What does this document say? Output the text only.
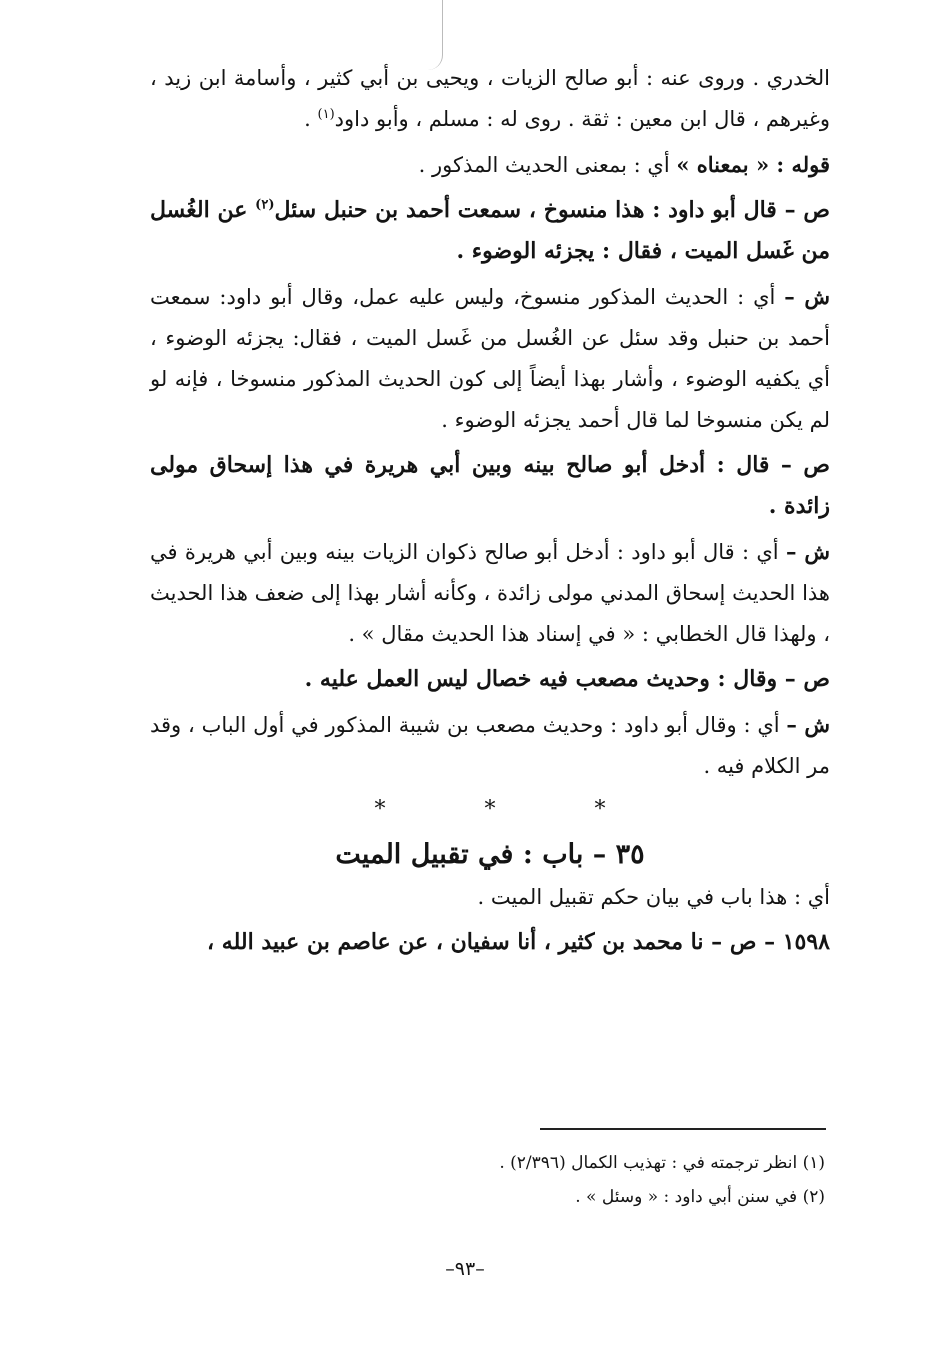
الخدري . وروى عنه : أبو صالح الزيات ، ويحيى بن أبي كثير ، وأسامة ابن زيد ، وغيرهم ، قال ابن معين : ثقة . روى له : مسلم ، وأبو داود$^{(١)}$ .

قوله : « بمعناه » أي : بمعنى الحديث المذكور .

ص – قال أبو داود : هذا منسوخ ، سمعت أحمد بن حنبل سئل$^{(٢)}$ عن الغُسل من غَسل الميت ، فقال : يجزئه الوضوء .

ش – أي : الحديث المذكور منسوخ، وليس عليه عمل، وقال أبو داود: سمعت أحمد بن حنبل وقد سئل عن الغُسل من غَسل الميت ، فقال: يجزئه الوضوء ، أي يكفيه الوضوء ، وأشار بهذا أيضاً إلى كون الحديث المذكور منسوخا ، فإنه لو لم يكن منسوخا لما قال أحمد يجزئه الوضوء .

ص – قال : أدخل أبو صالح بينه وبين أبي هريرة في هذا إسحاق مولى زائدة .

ش – أي : قال أبو داود : أدخل أبو صالح ذكوان الزيات بينه وبين أبي هريرة في هذا الحديث إسحاق المدني مولى زائدة ، وكأنه أشار بهذا إلى ضعف هذا الحديث ، ولهذا قال الخطابي : « في إسناد هذا الحديث مقال » .

ص – وقال : وحديث مصعب فيه خصال ليس العمل عليه .

ش – أي : وقال أبو داود : وحديث مصعب بن شيبة المذكور في أول الباب ، وقد مر الكلام فيه .

* * *
٣٥ – باب : في تقبيل الميت

أي : هذا باب في بيان حكم تقبيل الميت .

١٥٩٨ – ص – نا محمد بن كثير ، أنا سفيان ، عن عاصم بن عبيد الله ،

(١) انظر ترجمته في : تهذيب الكمال (٢/٣٩٦) .

(٢) في سنن أبي داود : « وسئل » .

–٩٣–
